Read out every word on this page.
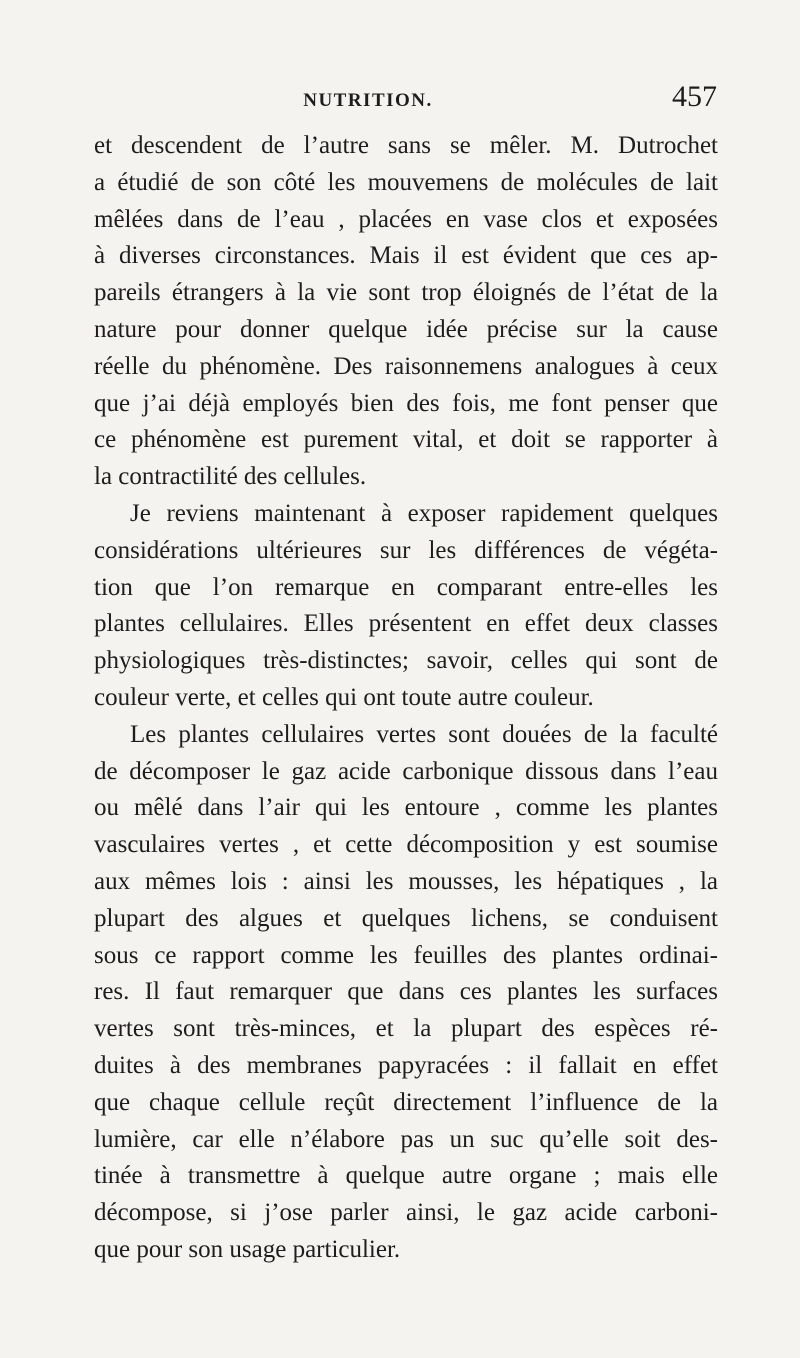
NUTRITION.	457
et descendent de l’autre sans se mêler. M. Dutrochet
a étudié de son côté les mouvemens de molécules de lait
mêlées dans de l’eau , placées en vase clos et exposées
à diverses circonstances. Mais il est évident que ces ap-
pareils étrangers à la vie sont trop éloignés de l’état de la
nature pour donner quelque idée précise sur la cause
réelle du phénomène. Des raisonnemens analogues à ceux
que j’ai déjà employés bien des fois, me font penser que
ce phénomène est purement vital, et doit se rapporter à
la contractilité des cellules.
Je reviens maintenant à exposer rapidement quelques
considérations ultérieures sur les différences de végéta-
tion que l’on remarque en comparant entre-elles les
plantes cellulaires. Elles présentent en effet deux classes
physiologiques très-distinctes; savoir, celles qui sont de
couleur verte, et celles qui ont toute autre couleur.
Les plantes cellulaires vertes sont douées de la faculté
de décomposer le gaz acide carbonique dissous dans l’eau
ou mêlé dans l’air qui les entoure , comme les plantes
vasculaires vertes , et cette décomposition y est soumise
aux mêmes lois : ainsi les mousses, les hépatiques , la
plupart des algues et quelques lichens, se conduisent
sous ce rapport comme les feuilles des plantes ordinai-
res. Il faut remarquer que dans ces plantes les surfaces
vertes sont très-minces, et la plupart des espèces ré-
duites à des membranes papyracées : il fallait en effet
que chaque cellule reçût directement l’influence de la
lumière, car elle n’élabore pas un suc qu’elle soit des-
tinée à transmettre à quelque autre organe ; mais elle
décompose, si j’ose parler ainsi, le gaz acide carboni-
que pour son usage particulier.
